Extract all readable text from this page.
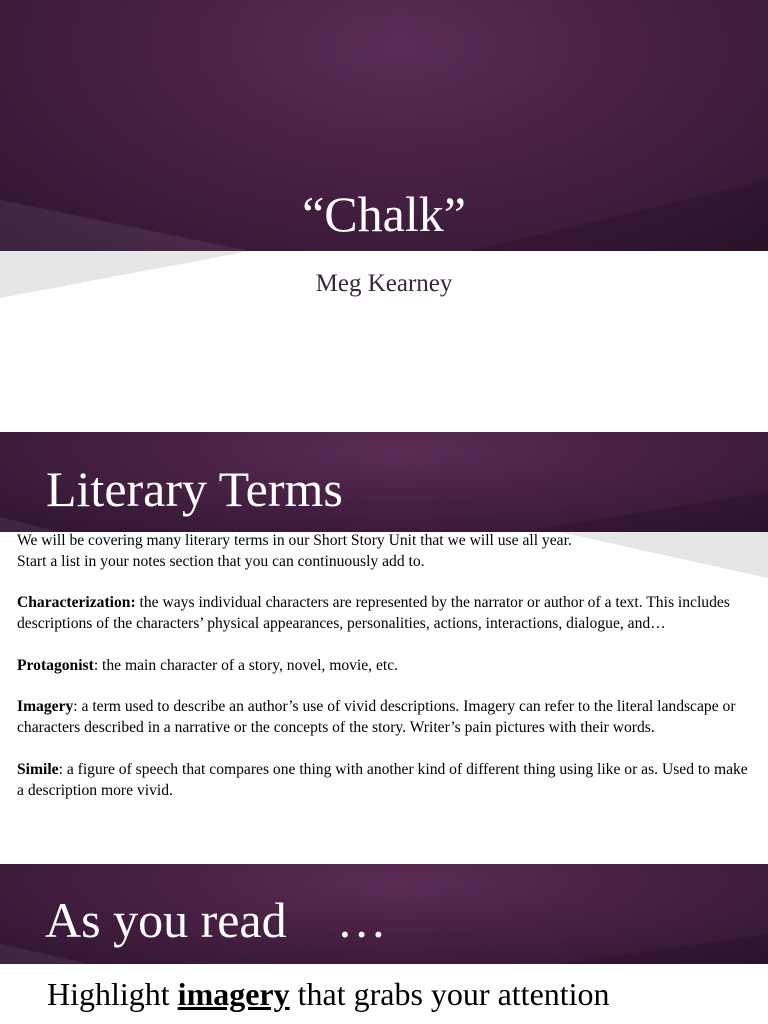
“Chalk”
Meg Kearney
Literary Terms

We will be covering many literary terms in our Short Story Unit that we will use all year.

Start a list in your notes section that you can continuously add to.

Characterization: the ways individual characters are represented by the narrator or author of a text. This includes descriptions of the characters’ physical appearances, personalities, actions, interactions, dialogue, and…

Protagonist: the main character of a story, novel, movie, etc.

Imagery: a term used to describe an author’s use of vivid descriptions. Imagery can refer to the literal landscape or characters described in a narrative or the concepts of the story. Writer’s pain pictures with their words.

Simile: a figure of speech that compares one thing with another kind of different thing using like or as. Used to make a description more vivid.

As you read    …
Highlight imagery that grabs your attention
